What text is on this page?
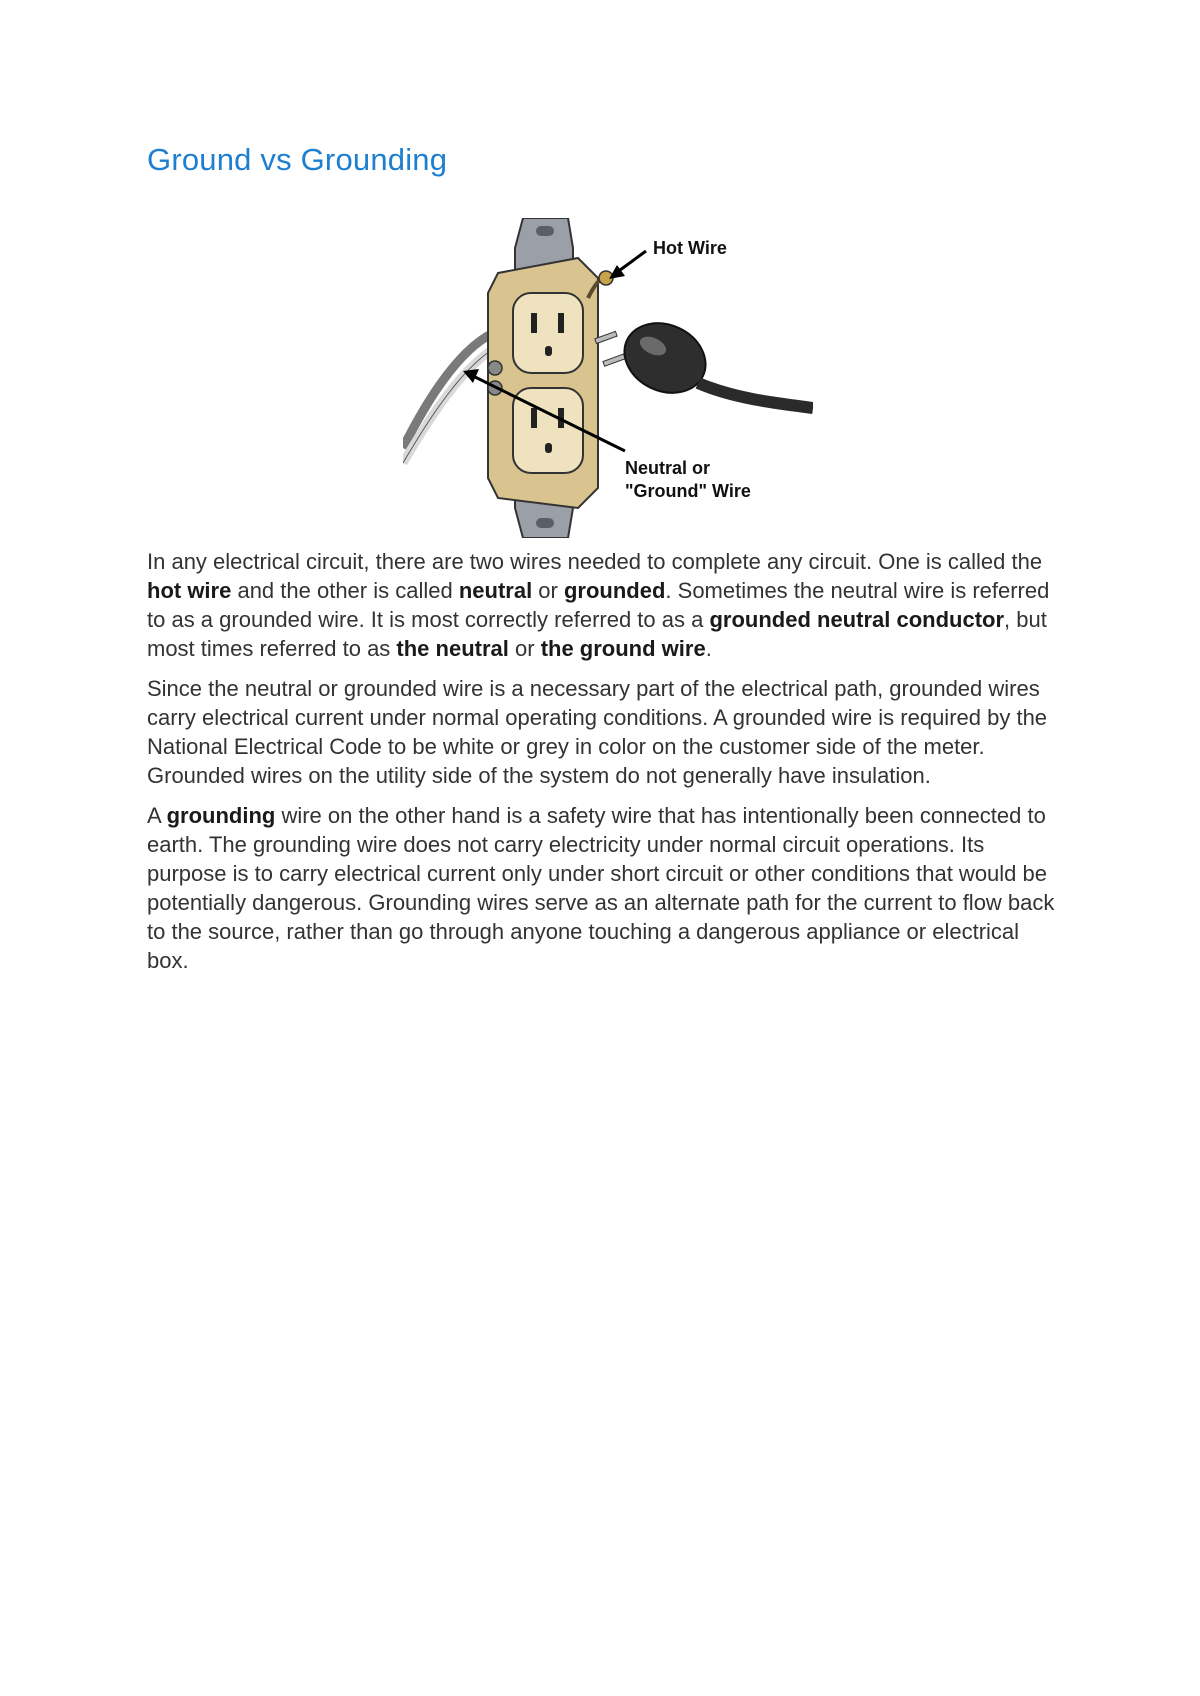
Ground vs Grounding
Hot Wire
Neutral or
"Ground" Wire

In any electrical circuit, there are two wires needed to complete any circuit. One is called the hot wire and the other is called neutral or grounded. Sometimes the neutral wire is referred to as a grounded wire. It is most correctly referred to as a grounded neutral conductor, but most times referred to as the neutral or the ground wire.

Since the neutral or grounded wire is a necessary part of the electrical path, grounded wires carry electrical current under normal operating conditions. A grounded wire is required by the National Electrical Code to be white or grey in color on the customer side of the meter. Grounded wires on the utility side of the system do not generally have insulation.

A grounding wire on the other hand is a safety wire that has intentionally been connected to earth. The grounding wire does not carry electricity under normal circuit operations. Its purpose is to carry electrical current only under short circuit or other conditions that would be potentially dangerous. Grounding wires serve as an alternate path for the current to flow back to the source, rather than go through anyone touching a dangerous appliance or electrical box.
